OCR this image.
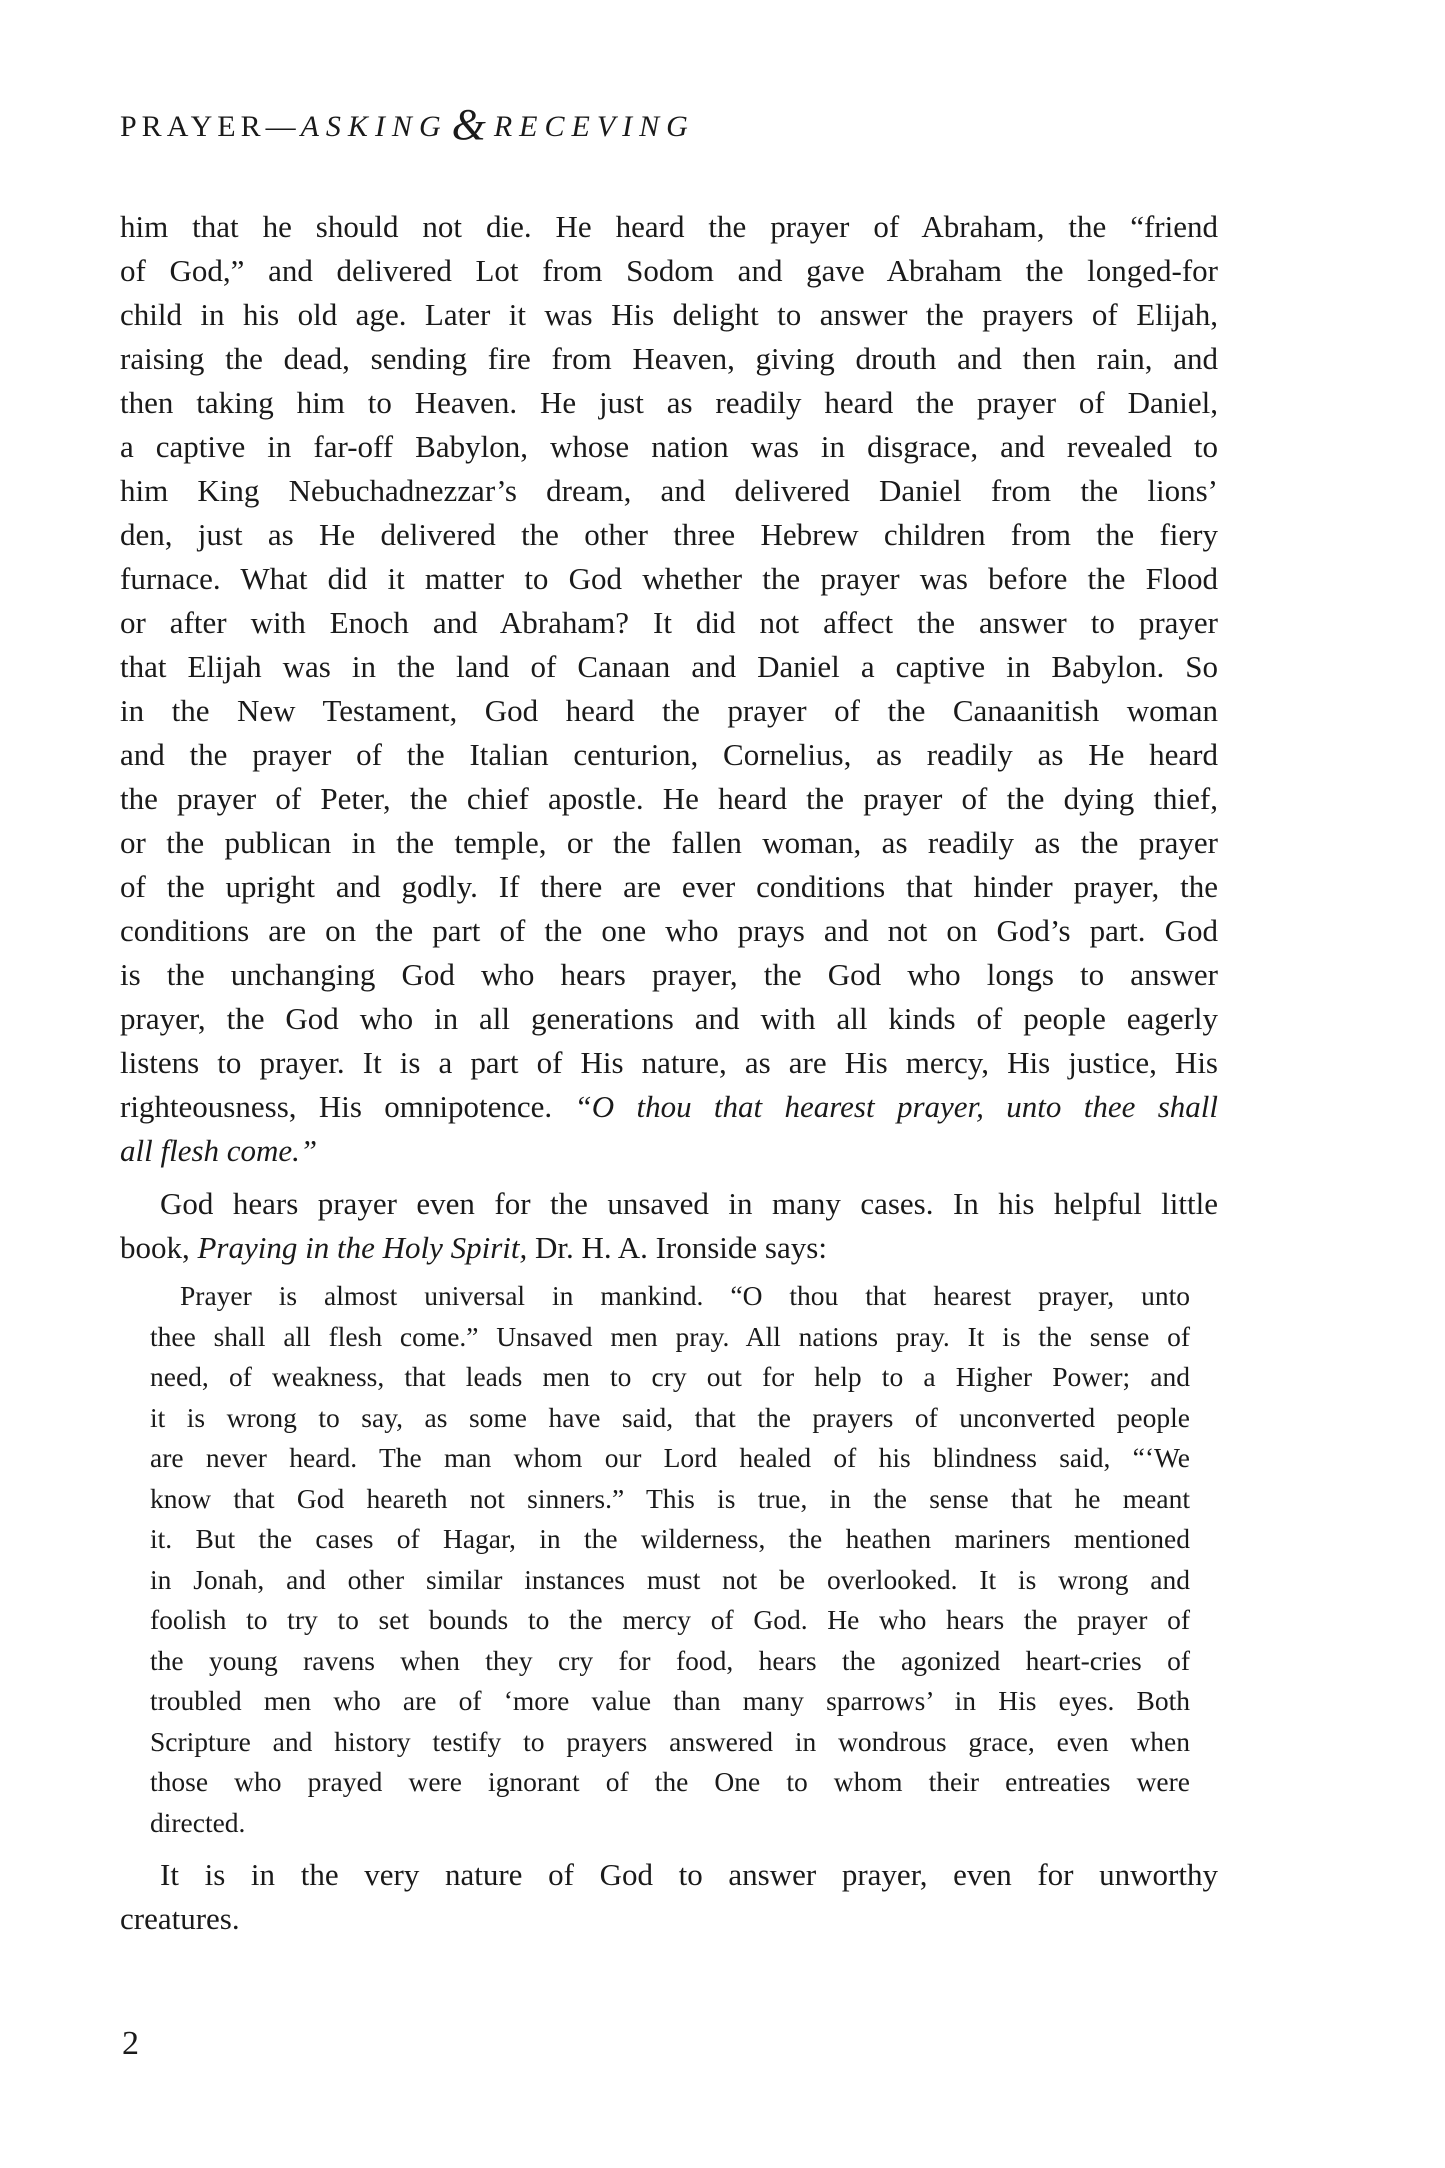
PRAYER—ASKING& RECEVING
him that he should not die. He heard the prayer of Abraham, the “friend
of God,” and delivered Lot from Sodom and gave Abraham the longed-for
child in his old age. Later it was His delight to answer the prayers of Elijah,
raising the dead, sending fire from Heaven, giving drouth and then rain, and
then taking him to Heaven. He just as readily heard the prayer of Daniel,
a captive in far-off Babylon, whose nation was in disgrace, and revealed to
him King Nebuchadnezzar’s dream, and delivered Daniel from the lions’
den, just as He delivered the other three Hebrew children from the fiery
furnace. What did it matter to God whether the prayer was before the Flood
or after with Enoch and Abraham? It did not affect the answer to prayer
that Elijah was in the land of Canaan and Daniel a captive in Babylon. So
in the New Testament, God heard the prayer of the Canaanitish woman
and the prayer of the Italian centurion, Cornelius, as readily as He heard
the prayer of Peter, the chief apostle. He heard the prayer of the dying thief,
or the publican in the temple, or the fallen woman, as readily as the prayer
of the upright and godly. If there are ever conditions that hinder prayer, the
conditions are on the part of the one who prays and not on God’s part. God
is the unchanging God who hears prayer, the God who longs to answer
prayer, the God who in all generations and with all kinds of people eagerly
listens to prayer. It is a part of His nature, as are His mercy, His justice, His
righteousness, His omnipotence. “O thou that hearest prayer, unto thee shall
all flesh come.”
God hears prayer even for the unsaved in many cases. In his helpful little
book, Praying in the Holy Spirit, Dr. H. A. Ironside says:
Prayer is almost universal in mankind. “O thou that hearest prayer, unto
thee shall all flesh come.” Unsaved men pray. All nations pray. It is the sense of
need, of weakness, that leads men to cry out for help to a Higher Power; and
it is wrong to say, as some have said, that the prayers of unconverted people
are never heard. The man whom our Lord healed of his blindness said, “‘We
know that God heareth not sinners.” This is true, in the sense that he meant
it. But the cases of Hagar, in the wilderness, the heathen mariners mentioned
in Jonah, and other similar instances must not be overlooked. It is wrong and
foolish to try to set bounds to the mercy of God. He who hears the prayer of
the young ravens when they cry for food, hears the agonized heart-cries of
troubled men who are of ‘more value than many sparrows’ in His eyes. Both
Scripture and history testify to prayers answered in wondrous grace, even when
those who prayed were ignorant of the One to whom their entreaties were
directed.
It is in the very nature of God to answer prayer, even for unworthy
creatures.
2
